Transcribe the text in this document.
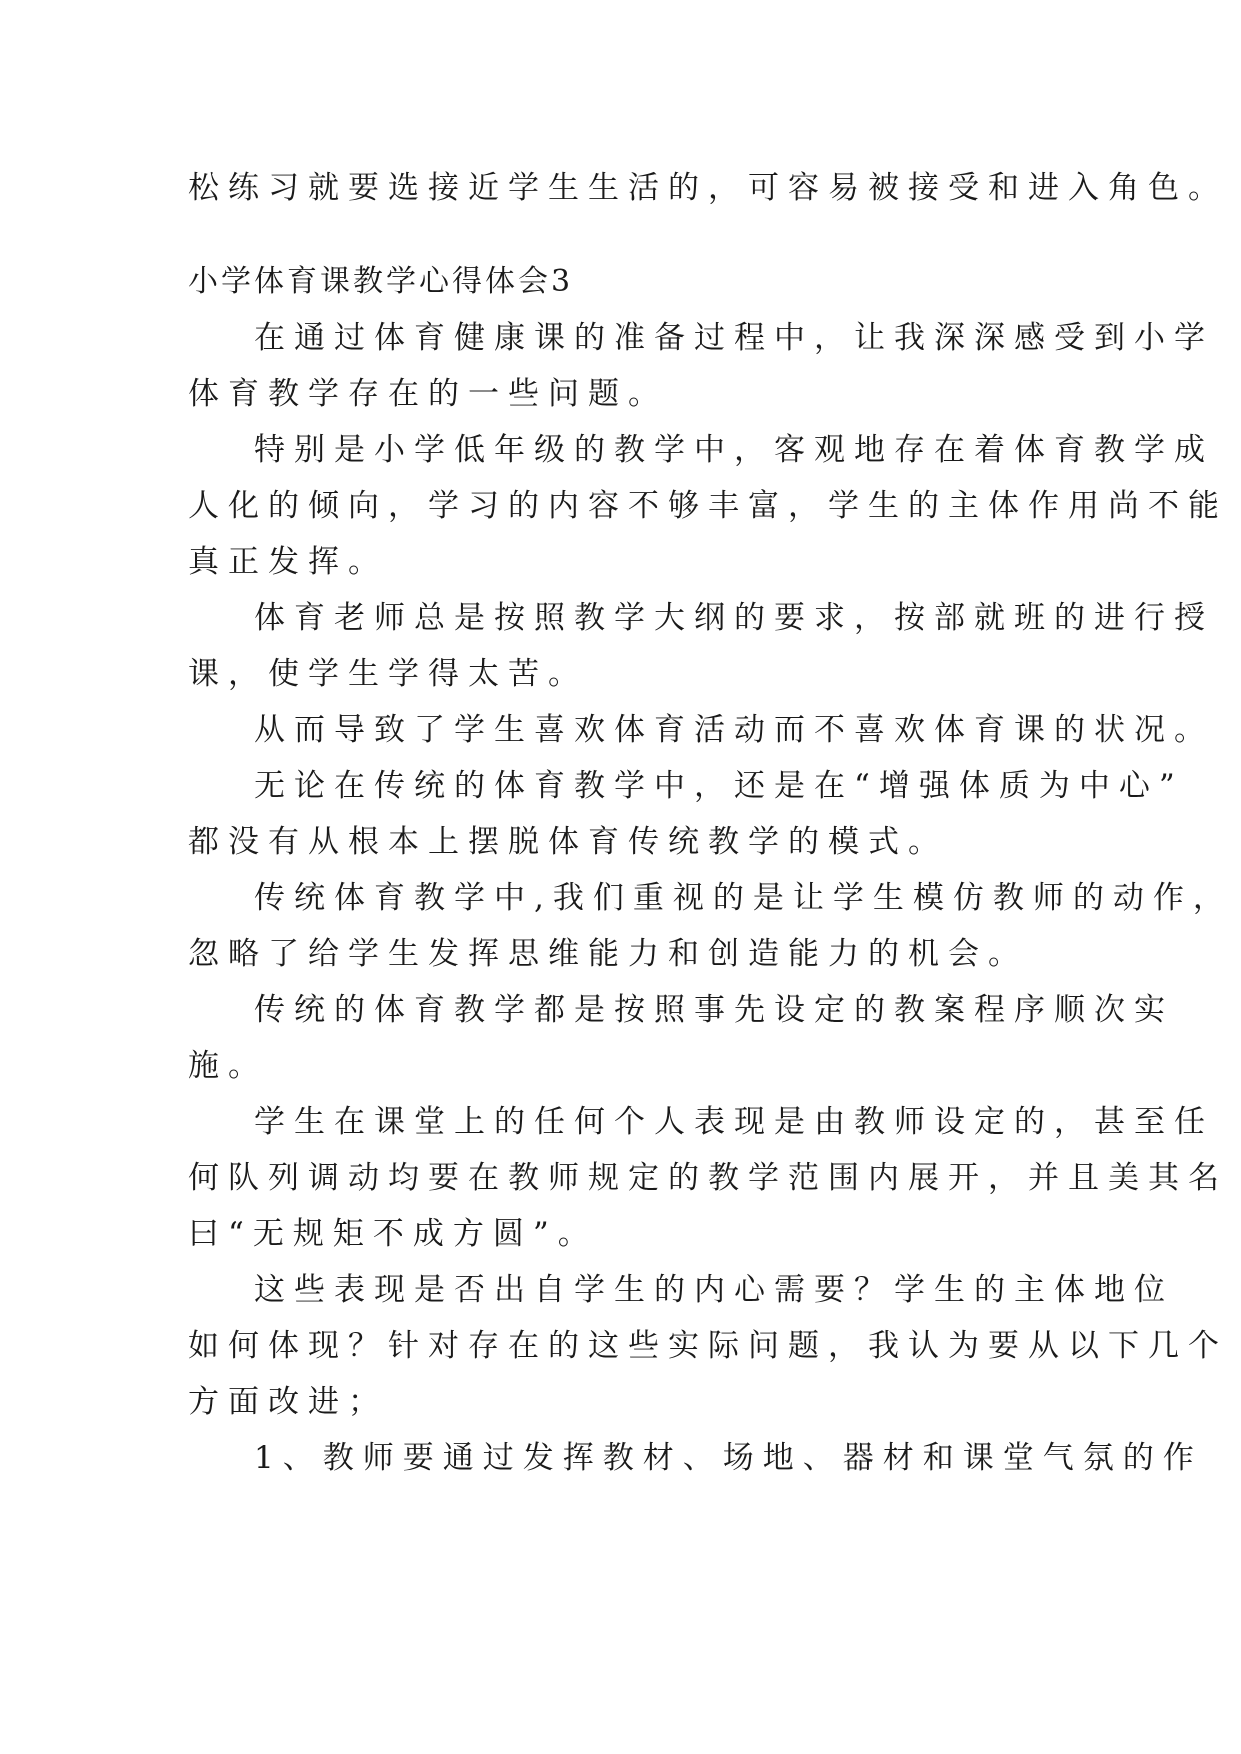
松练习就要选接近学生生活的，可容易被接受和进入角色。

小学体育课教学心得体会3

在通过体育健康课的准备过程中，让我深深感受到小学

体育教学存在的一些问题。

特别是小学低年级的教学中，客观地存在着体育教学成

人化的倾向，学习的内容不够丰富，学生的主体作用尚不能

真正发挥。

体育老师总是按照教学大纲的要求，按部就班的进行授

课，使学生学得太苦。

从而导致了学生喜欢体育活动而不喜欢体育课的状况。

无论在传统的体育教学中，还是在“增强体质为中心”

都没有从根本上摆脱体育传统教学的模式。

传统体育教学中,我们重视的是让学生模仿教师的动作，

忽略了给学生发挥思维能力和创造能力的机会。

传统的体育教学都是按照事先设定的教案程序顺次实

施。

学生在课堂上的任何个人表现是由教师设定的，甚至任

何队列调动均要在教师规定的教学范围内展开，并且美其名

曰“无规矩不成方圆”。

这些表现是否出自学生的内心需要？学生的主体地位

如何体现？针对存在的这些实际问题，我认为要从以下几个

方面改进；

1、教师要通过发挥教材、场地、器材和课堂气氛的作
